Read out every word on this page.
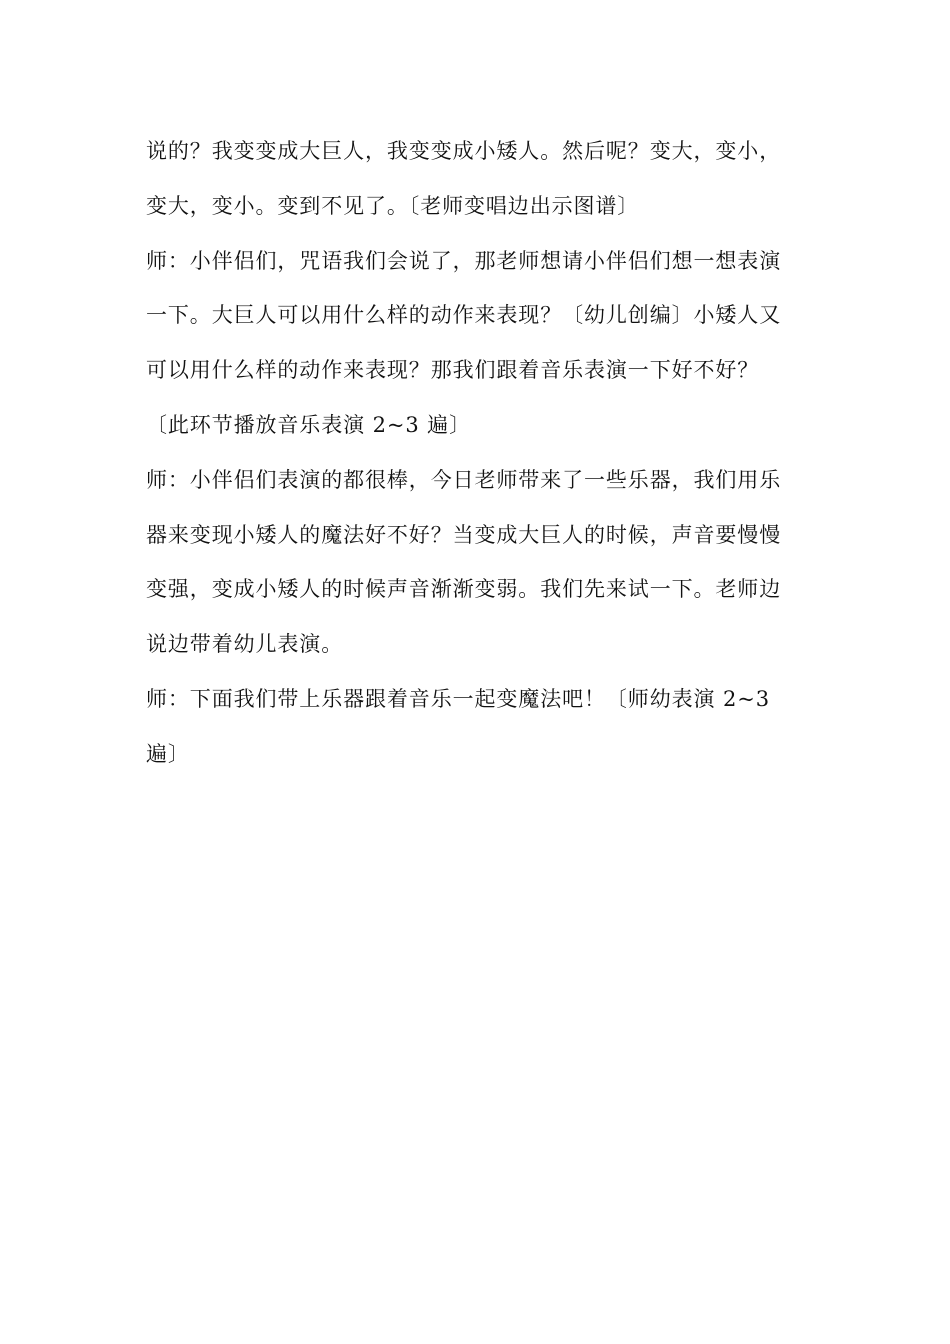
说的？我变变成大巨人，我变变成小矮人。然后呢？变大，变小，
变大，变小。变到不见了。〔老师变唱边出示图谱〕
师：小伴侣们，咒语我们会说了，那老师想请小伴侣们想一想表演
一下。大巨人可以用什么样的动作来表现？〔幼儿创编〕小矮人又
可以用什么样的动作来表现？那我们跟着音乐表演一下好不好？
〔此环节播放音乐表演 2~3 遍〕
师：小伴侣们表演的都很棒，今日老师带来了一些乐器，我们用乐
器来变现小矮人的魔法好不好？当变成大巨人的时候，声音要慢慢
变强，变成小矮人的时候声音渐渐变弱。我们先来试一下。老师边
说边带着幼儿表演。
师：下面我们带上乐器跟着音乐一起变魔法吧！〔师幼表演 2~3
遍〕
